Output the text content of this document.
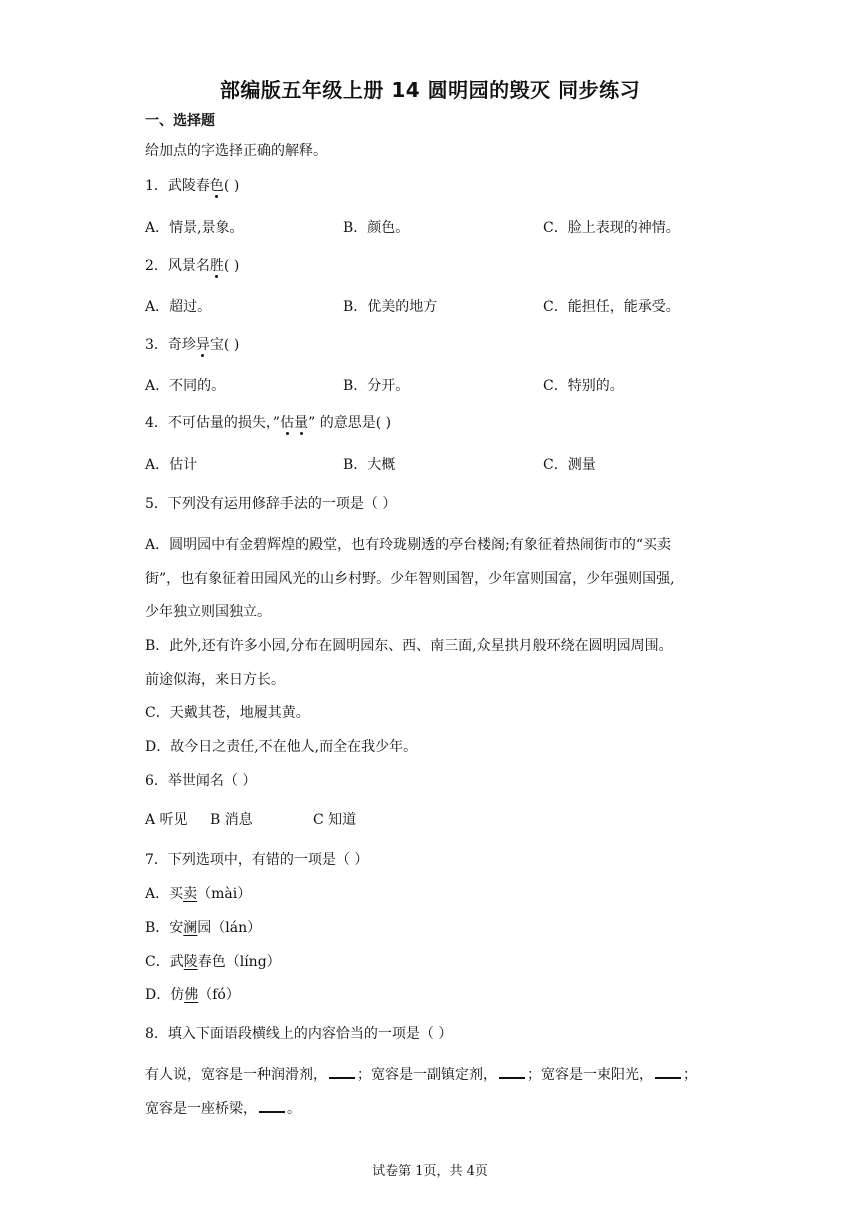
部编版五年级上册 14 圆明园的毁灭 同步练习
一、选择题
给加点的字选择正确的解释。
1．武陵春色( )
A．情景,景象。	B．颜色。	C．脸上表现的神情。
2．风景名胜( )
A．超过。	B．优美的地方	C．能担任，能承受。
3．奇珍异宝( )
A．不同的。	B．分开。	C．特别的。
4．不可估量的损失，”估量” 的意思是( )
A．估计	B．大概	C．测量
5．下列没有运用修辞手法的一项是（ ）
A．圆明园中有金碧辉煌的殿堂，也有玲珑剔透的亭台楼阁;有象征着热闹街市的“买卖
街”，也有象征着田园风光的山乡村野。少年智则国智，少年富则国富，少年强则国强,
少年独立则国独立。
B．此外,还有许多小园,分布在圆明园东、西、南三面,众星拱月般环绕在圆明园周围。
前途似海，来日方长。
C．天戴其苍，地履其黄。
D．故今日之责任,不在他人,而全在我少年。
6．举世闻名（ ）
A 听见 B 消息	C 知道
7．下列选项中，有错的一项是（ ）
A．买卖（mài）
B．安澜园（lán）
C．武陵春色（líng）
D．仿佛（fó）
8．填入下面语段横线上的内容恰当的一项是（ ）
有人说，宽容是一种润滑剂， ；宽容是一副镇定剂， ；宽容是一束阳光， ；
宽容是一座桥梁， 。
试卷第 1页，共 4页
